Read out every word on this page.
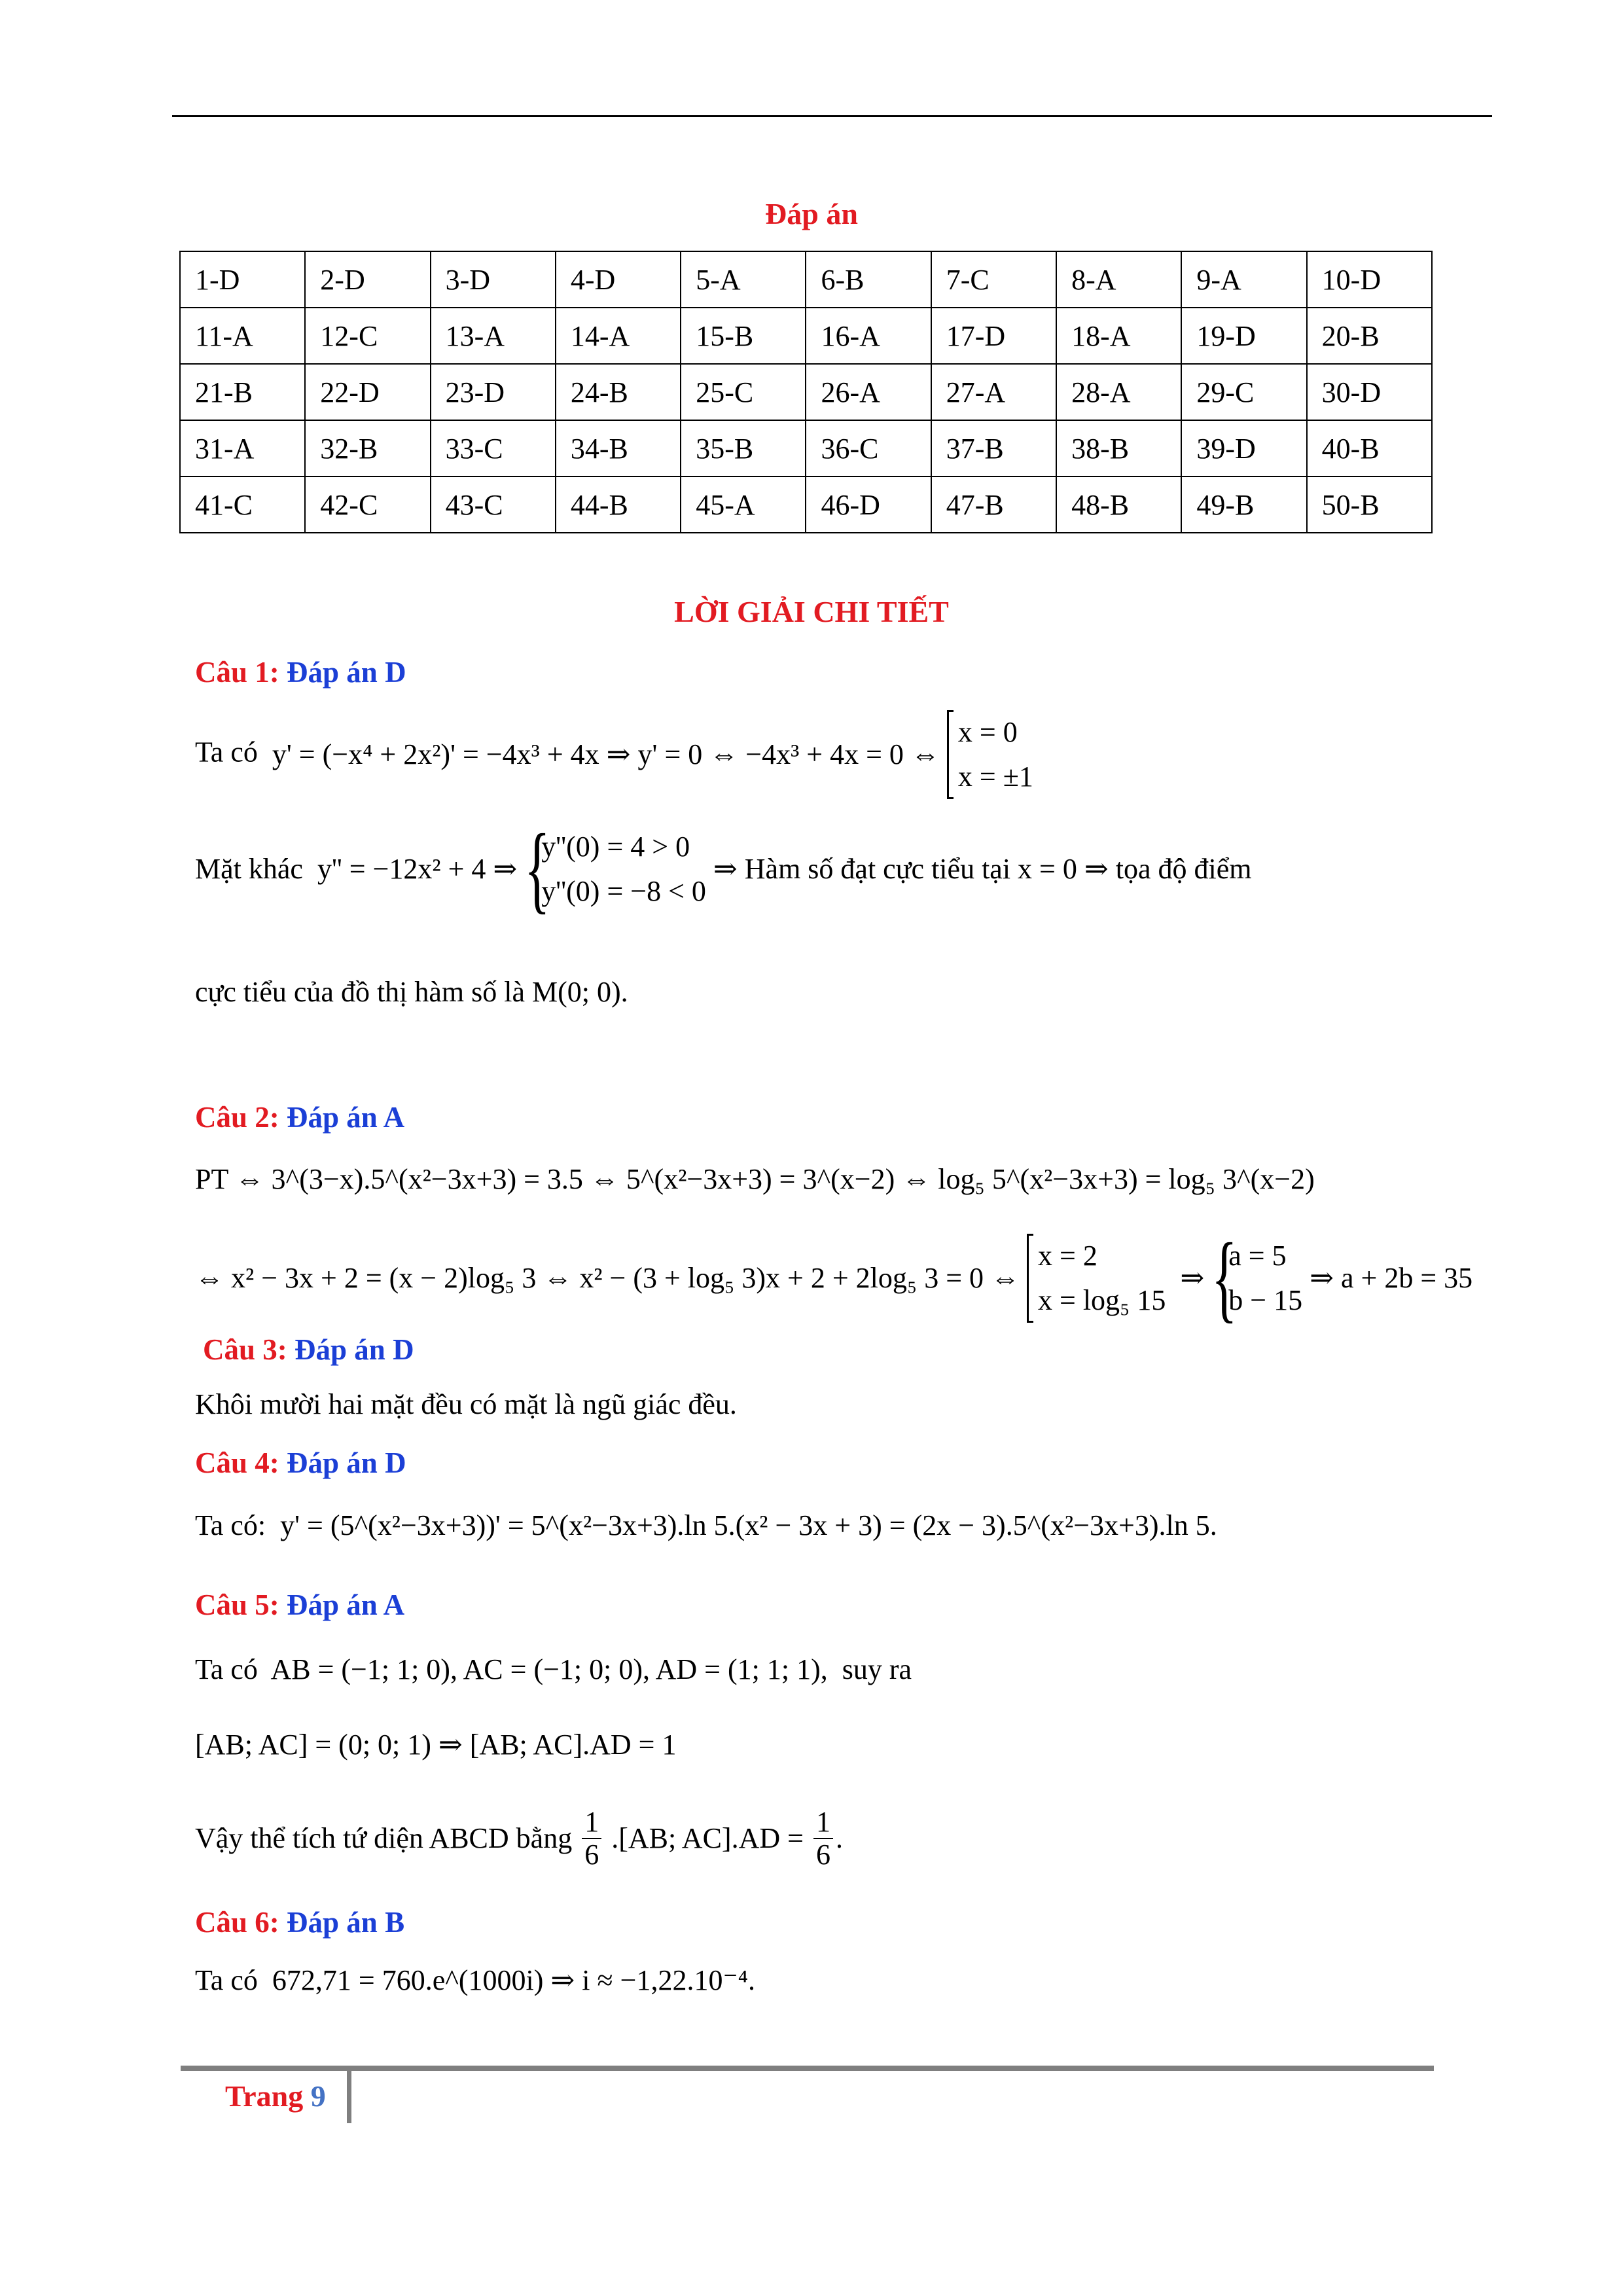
Đáp án
1-D	2-D	3-D	4-D	5-A	6-B	7-C	8-A	9-A	10-D
11-A	12-C	13-A	14-A	15-B	16-A	17-D	18-A	19-D	20-B
21-B	22-D	23-D	24-B	25-C	26-A	27-A	28-A	29-C	30-D
31-A	32-B	33-C	34-B	35-B	36-C	37-B	38-B	39-D	40-B
41-C	42-C	43-C	44-B	45-A	46-D	47-B	48-B	49-B	50-B
LỜI GIẢI CHI TIẾT
Câu 1: Đáp án D
Ta có y' = (−x⁴ + 2x²)' = −4x³ + 4x ⇒ y' = 0 ⇔ −4x³ + 4x = 0 ⇔
x = 0
x = ±1
Mặt khác y'' = −12x² + 4 ⇒ {
y''(0) = 4 > 0
y''(0) = −8 < 0
⇒ Hàm số đạt cực tiểu tại x = 0 ⇒ tọa độ điểm
cực tiểu của đồ thị hàm số là M(0; 0).
Câu 2: Đáp án A
PT ⇔ 3^(3−x).5^(x²−3x+3) = 3.5 ⇔ 5^(x²−3x+3) = 3^(x−2) ⇔ log₅ 5^(x²−3x+3) = log₅ 3^(x−2)
⇔ x² − 3x + 2 = (x − 2)log₅ 3 ⇔ x² − (3 + log₅ 3)x + 2 + 2log₅ 3 = 0 ⇔
x = 2
x = log₅ 15
⇒ {
a = 5
b − 15
⇒ a + 2b = 35
Câu 3: Đáp án D
Khôi mười hai mặt đều có mặt là ngũ giác đều.
Câu 4: Đáp án D
Ta có: y' = (5^(x²−3x+3))' = 5^(x²−3x+3).ln 5.(x² − 3x + 3) = (2x − 3).5^(x²−3x+3).ln 5.
Câu 5: Đáp án A
Ta có AB = (−1; 1; 0), AC = (−1; 0; 0), AD = (1; 1; 1), suy ra
[AB; AC] = (0; 0; 1) ⇒ [AB; AC].AD = 1
Vậy thể tích tứ diện ABCD bằng $\frac{1}{6} .[AB$; $AC].AD = \frac{1}{6}$ .
Câu 6: Đáp án B
Ta có 672,71 = 760.e^(1000i) ⇒ i ≈ −1,22.10⁻⁴.
Trang 9
